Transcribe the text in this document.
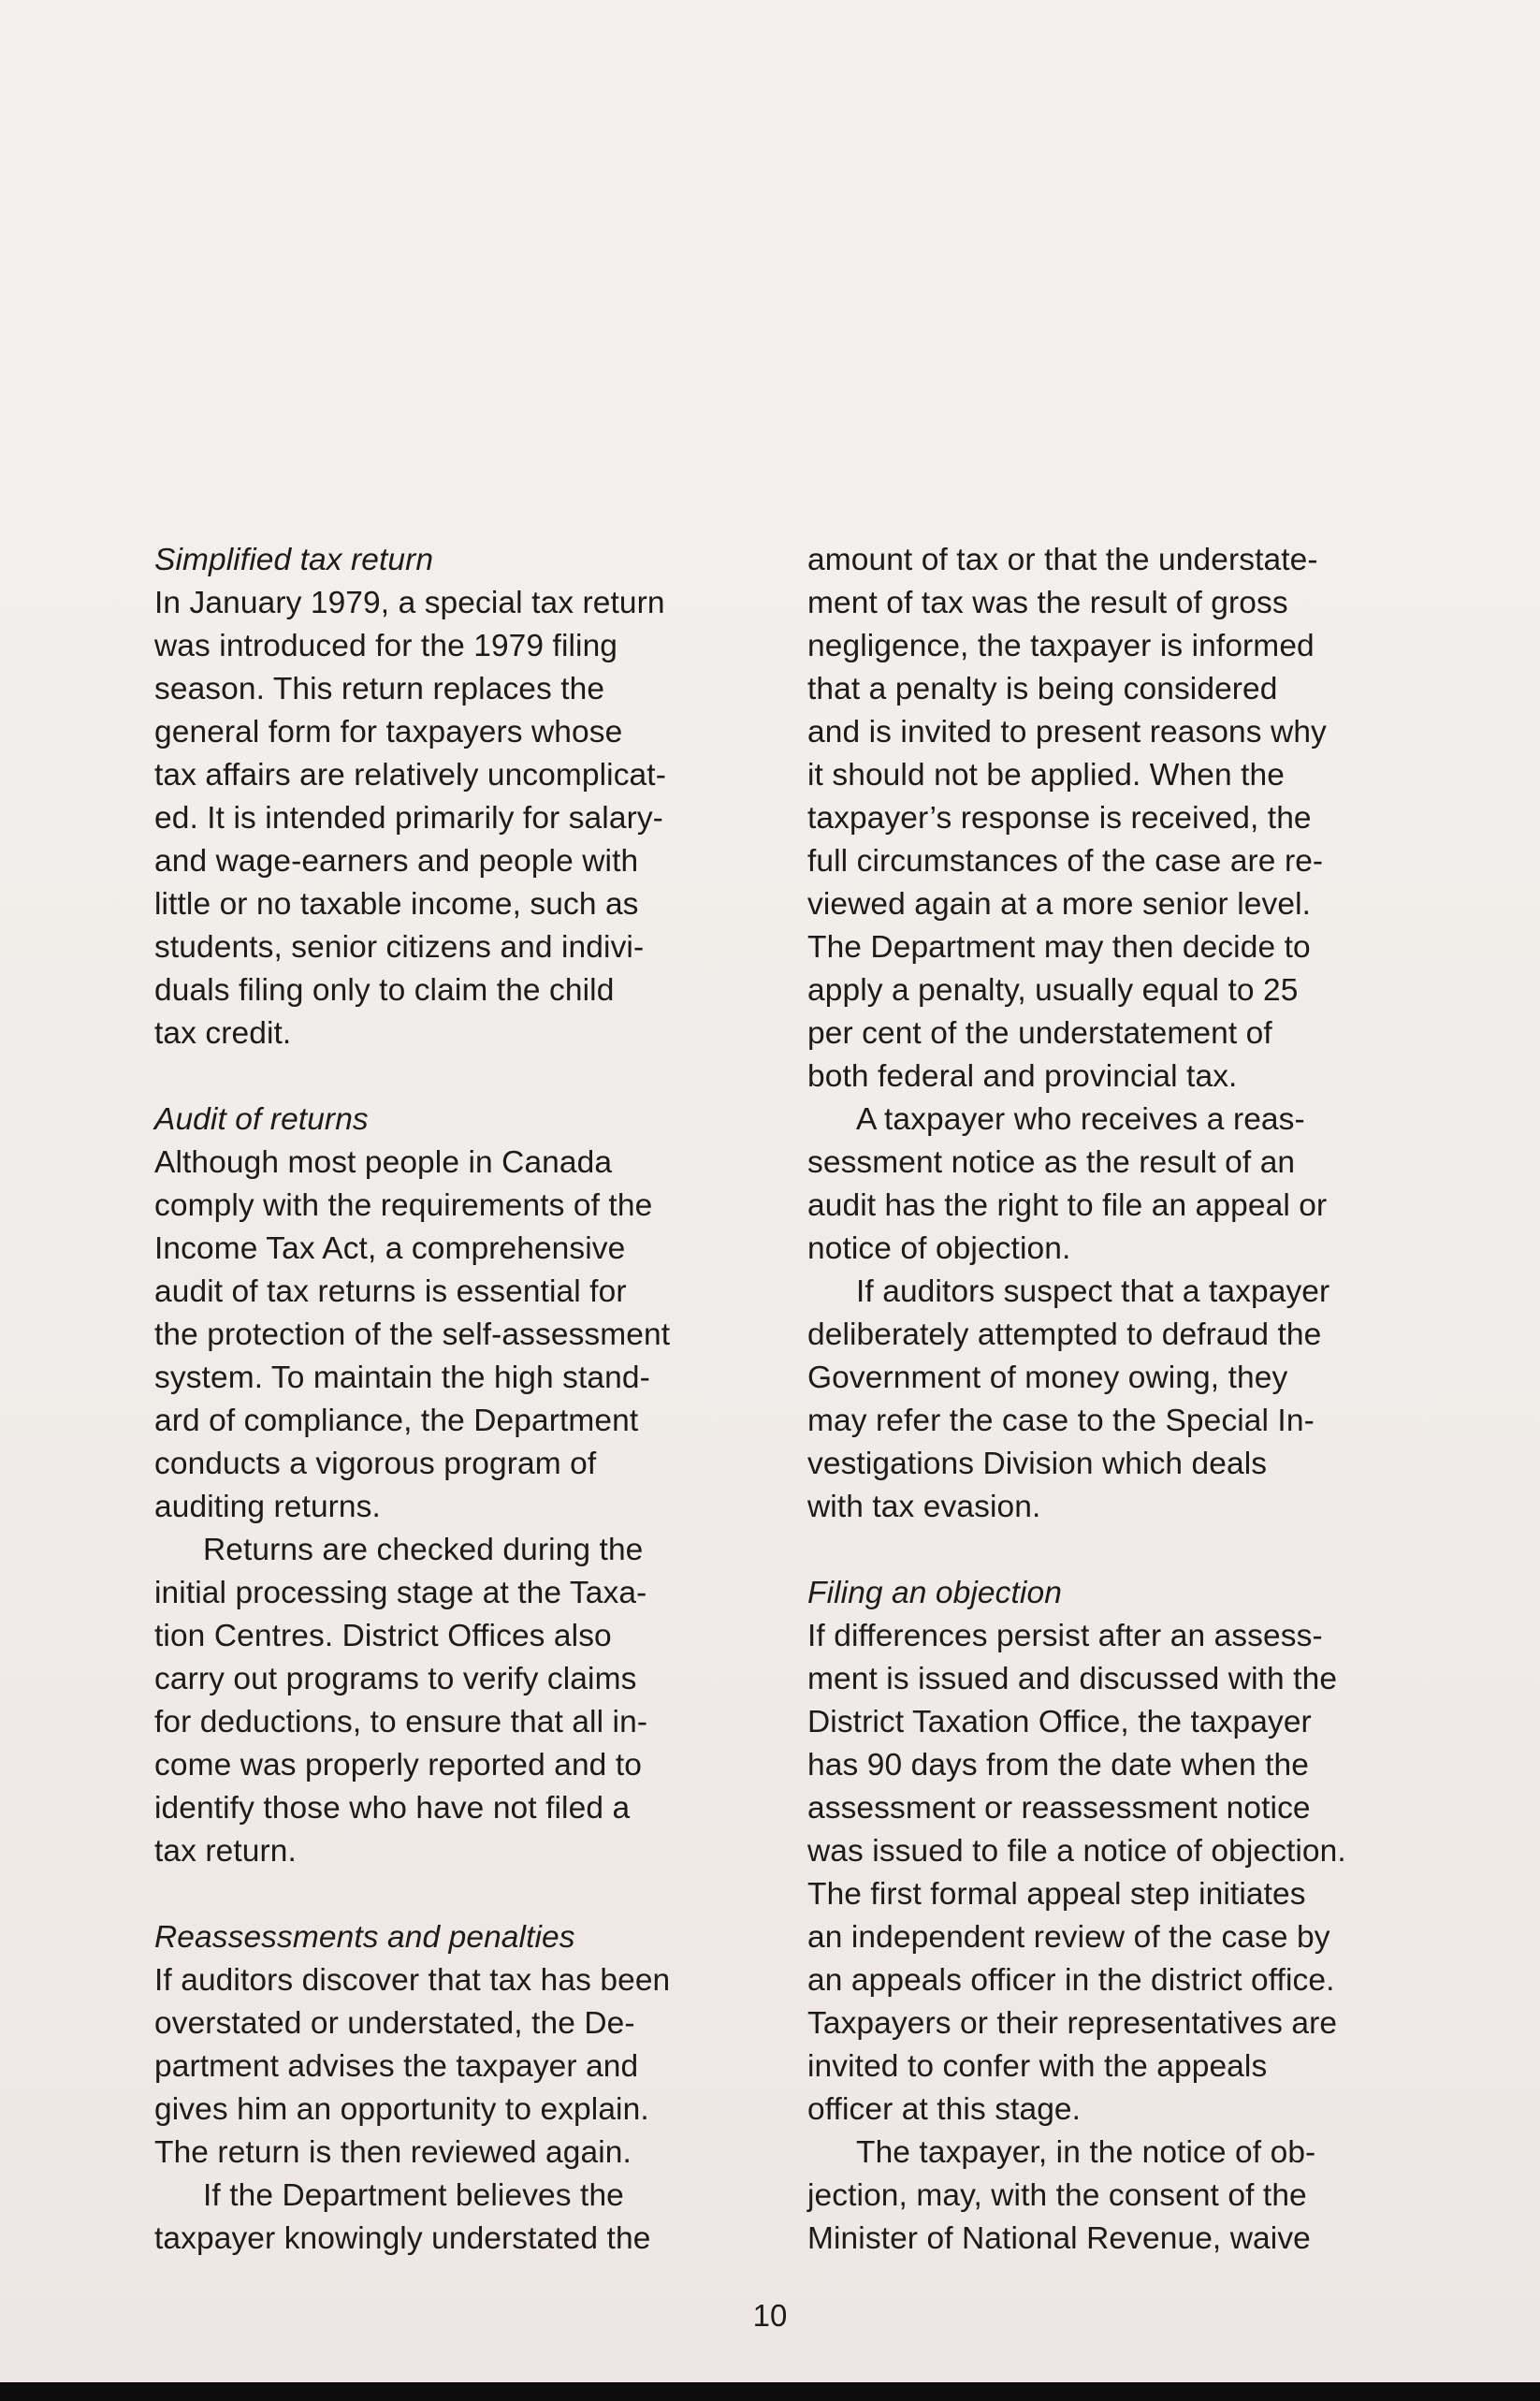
Simplified tax return
In January 1979, a special tax return
was introduced for the 1979 filing
season. This return replaces the
general form for taxpayers whose
tax affairs are relatively uncomplicat-
ed. It is intended primarily for salary-
and wage-earners and people with
little or no taxable income, such as
students, senior citizens and indivi-
duals filing only to claim the child
tax credit.
Audit of returns
Although most people in Canada
comply with the requirements of the
Income Tax Act, a comprehensive
audit of tax returns is essential for
the protection of the self-assessment
system. To maintain the high stand-
ard of compliance, the Department
conducts a vigorous program of
auditing returns.
Returns are checked during the
initial processing stage at the Taxa-
tion Centres. District Offices also
carry out programs to verify claims
for deductions, to ensure that all in-
come was properly reported and to
identify those who have not filed a
tax return.
Reassessments and penalties
If auditors discover that tax has been
overstated or understated, the De-
partment advises the taxpayer and
gives him an opportunity to explain.
The return is then reviewed again.
If the Department believes the
taxpayer knowingly understated the
amount of tax or that the understate-
ment of tax was the result of gross
negligence, the taxpayer is informed
that a penalty is being considered
and is invited to present reasons why
it should not be applied. When the
taxpayer’s response is received, the
full circumstances of the case are re-
viewed again at a more senior level.
The Department may then decide to
apply a penalty, usually equal to 25
per cent of the understatement of
both federal and provincial tax.
A taxpayer who receives a reas-
sessment notice as the result of an
audit has the right to file an appeal or
notice of objection.
If auditors suspect that a taxpayer
deliberately attempted to defraud the
Government of money owing, they
may refer the case to the Special In-
vestigations Division which deals
with tax evasion.
Filing an objection
If differences persist after an assess-
ment is issued and discussed with the
District Taxation Office, the taxpayer
has 90 days from the date when the
assessment or reassessment notice
was issued to file a notice of objection.
The first formal appeal step initiates
an independent review of the case by
an appeals officer in the district office.
Taxpayers or their representatives are
invited to confer with the appeals
officer at this stage.
The taxpayer, in the notice of ob-
jection, may, with the consent of the
Minister of National Revenue, waive
10
